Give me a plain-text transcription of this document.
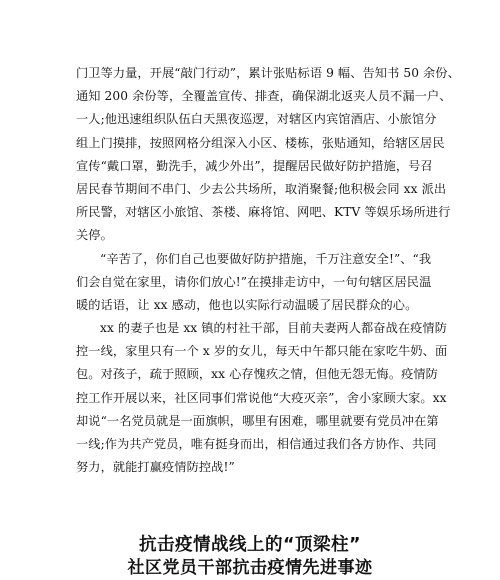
门卫等力量，开展“敲门行动”，累计张贴标语 9 幅、告知书 50 余份、
通知 200 余份等，全覆盖宣传、排查，确保湖北返夹人员不漏一户、
一人;他迅速组织队伍白天黑夜巡逻，对辖区内宾馆酒店、小旅馆分
组上门摸排，按照网格分组深入小区、楼栋，张贴通知，给辖区居民
宣传“戴口罩，勤洗手，减少外出”，提醒居民做好防护措施，号召
居民春节期间不串门、少去公共场所，取消聚餐;他积极会同 xx 派出
所民警，对辖区小旅馆、茶楼、麻将馆、网吧、KTV 等娱乐场所进行
关停。
“辛苦了，你们自己也要做好防护措施，千万注意安全!”、“我
们会自觉在家里，请你们放心!”在摸排走访中，一句句辖区居民温
暖的话语，让 xx 感动，他也以实际行动温暖了居民群众的心。
xx 的妻子也是 xx 镇的村社干部，目前夫妻两人都奋战在疫情防
控一线，家里只有一个 x 岁的女儿，每天中午都只能在家吃牛奶、面
包。对孩子，疏于照顾，xx 心存愧疚之情，但他无怨无悔。疫情防
控工作开展以来，社区同事们常说他“大疫灭亲”，舍小家顾大家。xx
却说“一名党员就是一面旗帜，哪里有困难，哪里就要有党员冲在第
一线;作为共产党员，唯有挺身而出，相信通过我们各方协作、共同
努力，就能打赢疫情防控战!”
抗击疫情战线上的“顶梁柱”
社区党员干部抗击疫情先进事迹
